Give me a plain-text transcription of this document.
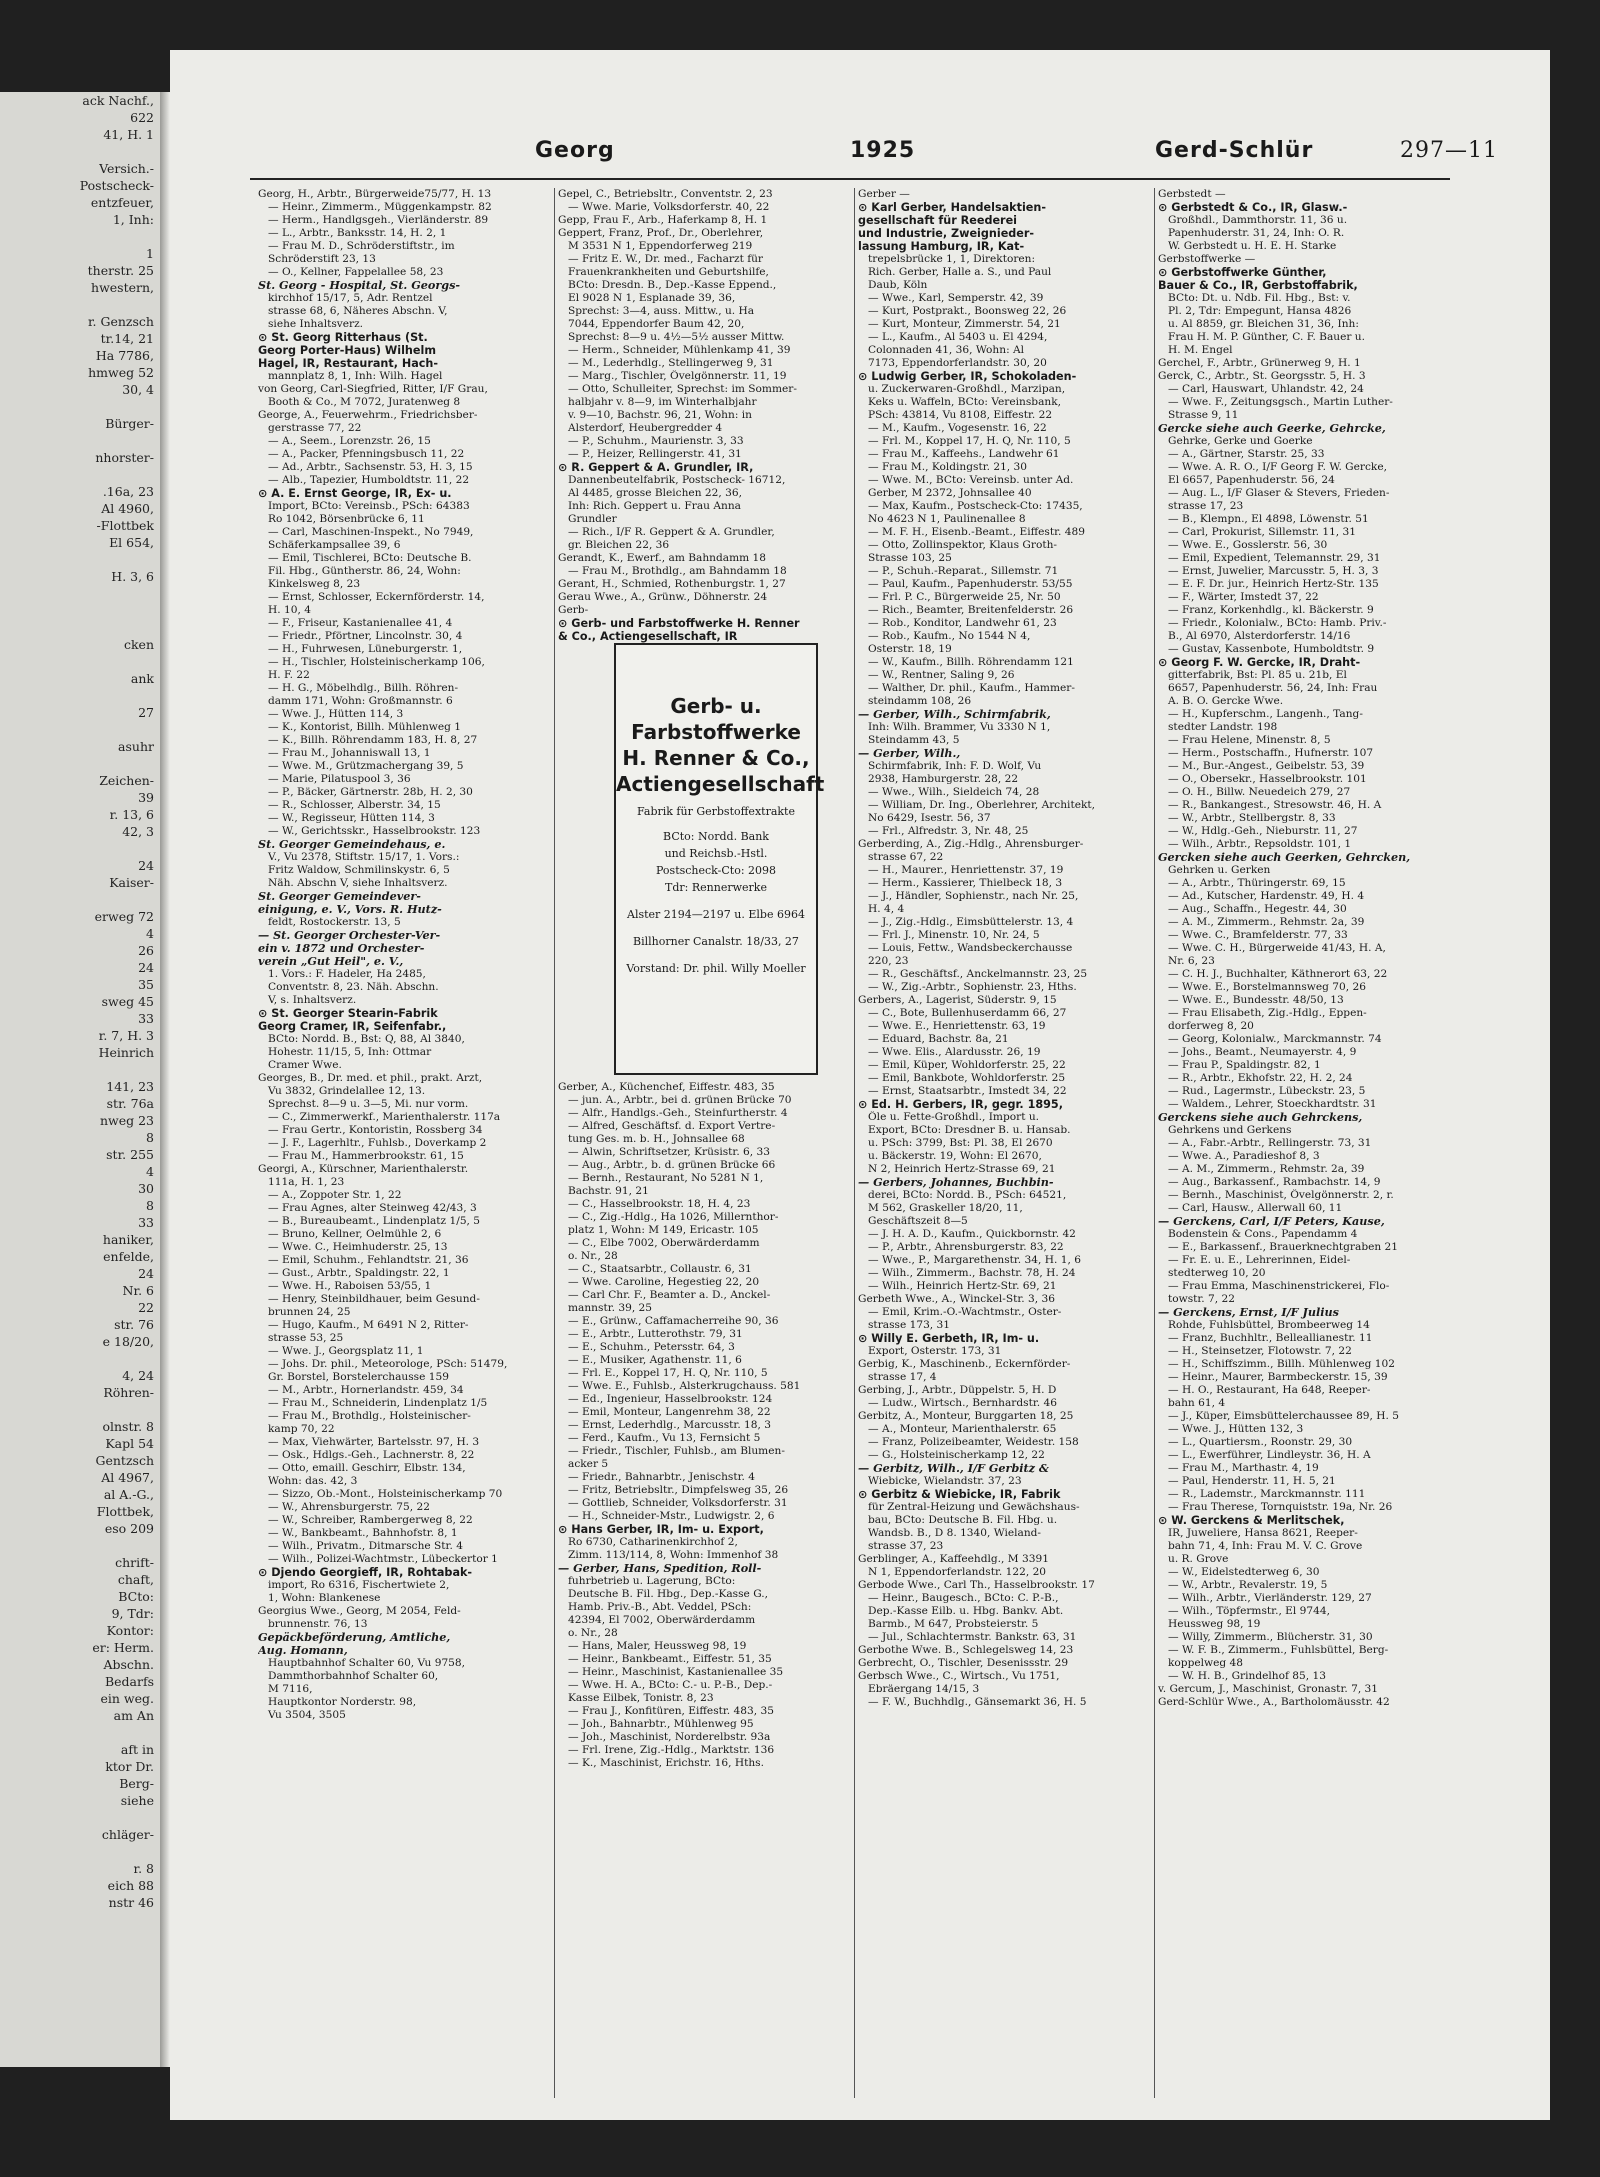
ack Nachf.,
622
41, H. 1

Versich.-
Postscheck-
entzfeuer,
1, Inh:

1
therstr. 25
hwestern,

r. Genzsch
tr.14, 21
Ha 7786,
hmweg 52
30, 4

Bürger-

nhorster-

.16a, 23
Al 4960,
-Flottbek
El 654,

H. 3, 6

cken

ank

27

asuhr

Zeichen-
39
r. 13, 6
42, 3

24
Kaiser-

erweg 72
4
26
24
35
sweg 45
33
r. 7, H. 3
Heinrich

141, 23
str. 76a
nweg 23
8
str. 255
4
30
8
33
haniker,
enfelde,
24
Nr. 6
22
str. 76
e 18/20,

4, 24
Röhren-

olnstr. 8
Kapl 54
Gentzsch
Al 4967,
al A.-G.,
Flottbek,
eso 209

chrift-
chaft,
BCto:
9, Tdr:
Kontor:
er: Herm.
Abschn.
Bedarfs
ein weg.
am An

aft in
ktor Dr.
Berg-
siehe

chläger-

r. 8
eich 88
nstr 46
Georg	1925	Gerd-Schlür	297—11
Georg, H., Arbtr., Bürgerweide75/77, H. 13
— Heinr., Zimmerm., Müggenkampstr. 82
— Herm., Handlgsgeh., Vierländerstr. 89
— L., Arbtr., Banksstr. 14, H. 2, 1
— Frau M. D., Schröderstiftstr., im
Schröderstift 23, 13
— O., Kellner, Fappelallee 58, 23
St. Georg - Hospital, St. Georgs-
kirchhof 15/17, 5, Adr. Rentzel
strasse 68, 6, Näheres Abschn. V,
siehe Inhaltsverz.
⊙ St. Georg Ritterhaus (St.
Georg Porter-Haus) Wilhelm
Hagel, IR, Restaurant, Hach-
mannplatz 8, 1, Inh: Wilh. Hagel
von Georg, Carl-Siegfried, Ritter, I/F Grau,
Booth & Co., M 7072, Juratenweg 8
George, A., Feuerwehrm., Friedrichsber-
gerstrasse 77, 22
— A., Seem., Lorenzstr. 26, 15
— A., Packer, Pfenningsbusch 11, 22
— Ad., Arbtr., Sachsenstr. 53, H. 3, 15
— Alb., Tapezier, Humboldtstr. 11, 22
⊙ A. E. Ernst George, IR, Ex- u.
Import, BCto: Vereinsb., PSch: 64383
Ro 1042, Börsenbrücke 6, 11
— Carl, Maschinen-Inspekt., No 7949,
Schäferkampsallee 39, 6
— Emil, Tischlerei, BCto: Deutsche B.
Fil. Hbg., Güntherstr. 86, 24, Wohn:
Kinkelsweg 8, 23
— Ernst, Schlosser, Eckernförderstr. 14,
H. 10, 4
— F., Friseur, Kastanienallee 41, 4
— Friedr., Pförtner, Lincolnstr. 30, 4
— H., Fuhrwesen, Lüneburgerstr. 1,
— H., Tischler, Holsteinischerkamp 106,
H. F. 22
— H. G., Möbelhdlg., Billh. Röhren-
damm 171, Wohn: Großmannstr. 6
— Wwe. J., Hütten 114, 3
— K., Kontorist, Billh. Mühlenweg 1
— K., Billh. Röhrendamm 183, H. 8, 27
— Frau M., Johanniswall 13, 1
— Wwe. M., Grützmachergang 39, 5
— Marie, Pilatuspool 3, 36
— P., Bäcker, Gärtnerstr. 28b, H. 2, 30
— R., Schlosser, Alberstr. 34, 15
— W., Regisseur, Hütten 114, 3
— W., Gerichtsskr., Hasselbrookstr. 123
St. Georger Gemeindehaus, e.
V., Vu 2378, Stiftstr. 15/17, 1. Vors.:
Fritz Waldow, Schmilinskystr. 6, 5
Näh. Abschn V, siehe Inhaltsverz.
St. Georger Gemeindever-
einigung, e. V., Vors. R. Hutz-
feldt, Rostockerstr. 13, 5
— St. Georger Orchester-Ver-
ein v. 1872 und Orchester-
verein „Gut Heil", e. V.,
1. Vors.: F. Hadeler, Ha 2485,
Conventstr. 8, 23. Näh. Abschn.
V, s. Inhaltsverz.
⊙ St. Georger Stearin-Fabrik
Georg Cramer, IR, Seifenfabr.,
BCto: Nordd. B., Bst: Q, 88, Al 3840,
Hohestr. 11/15, 5, Inh: Ottmar
Cramer Wwe.
Georges, B., Dr. med. et phil., prakt. Arzt,
Vu 3832, Grindelallee 12, 13.
Sprechst. 8—9 u. 3—5, Mi. nur vorm.
— C., Zimmerwerkf., Marienthalerstr. 117a
— Frau Gertr., Kontoristin, Rossberg 34
— J. F., Lagerhltr., Fuhlsb., Doverkamp 2
— Frau M., Hammerbrookstr. 61, 15
Georgi, A., Kürschner, Marienthalerstr.
111a, H. 1, 23
— A., Zoppoter Str. 1, 22
— Frau Agnes, alter Steinweg 42/43, 3
— B., Bureaubeamt., Lindenplatz 1/5, 5
— Bruno, Kellner, Oelmühle 2, 6
— Wwe. C., Heimhuderstr. 25, 13
— Emil, Schuhm., Fehlandtstr. 21, 36
— Gust., Arbtr., Spaldingstr. 22, 1
— Wwe. H., Raboisen 53/55, 1
— Henry, Steinbildhauer, beim Gesund-
brunnen 24, 25
— Hugo, Kaufm., M 6491 N 2, Ritter-
strasse 53, 25
— Wwe. J., Georgsplatz 11, 1
— Johs. Dr. phil., Meteorologe, PSch: 51479,
Gr. Borstel, Borstelerchausse 159
— M., Arbtr., Hornerlandstr. 459, 34
— Frau M., Schneiderin, Lindenplatz 1/5
— Frau M., Brothdlg., Holsteinischer-
kamp 70, 22
— Max, Viehwärter, Bartelsstr. 97, H. 3
— Osk., Hdlgs.-Geh., Lachnerstr. 8, 22
— Otto, emaill. Geschirr, Elbstr. 134,
Wohn: das. 42, 3
— Sizzo, Ob.-Mont., Holsteinischerkamp 70
— W., Ahrensburgerstr. 75, 22
— W., Schreiber, Rambergerweg 8, 22
— W., Bankbeamt., Bahnhofstr. 8, 1
— Wilh., Privatm., Ditmarsche Str. 4
— Wilh., Polizei-Wachtmstr., Lübeckertor 1
⊙ Djendo Georgieff, IR, Rohtabak-
import, Ro 6316, Fischertwiete 2,
1, Wohn: Blankenese
Georgius Wwe., Georg, M 2054, Feld-
brunnenstr. 76, 13
Gepäckbeförderung, Amtliche,
Aug. Homann,
Hauptbahnhof Schalter 60, Vu 9758,
Dammthorbahnhof Schalter 60,
M 7116,
Hauptkontor Norderstr. 98,
Vu 3504, 3505
Gepel, C., Betriebsltr., Conventstr. 2, 23
— Wwe. Marie, Volksdorferstr. 40, 22
Gepp, Frau F., Arb., Haferkamp 8, H. 1
Geppert, Franz, Prof., Dr., Oberlehrer,
M 3531 N 1, Eppendorferweg 219
— Fritz E. W., Dr. med., Facharzt für
Frauenkrankheiten und Geburtshilfe,
BCto: Dresdn. B., Dep.-Kasse Eppend.,
El 9028 N 1, Esplanade 39, 36,
Sprechst: 3—4, auss. Mittw., u. Ha
7044, Eppendorfer Baum 42, 20,
Sprechst: 8—9 u. 4½—5½ ausser Mittw.
— Herm., Schneider, Mühlenkamp 41, 39
— M., Lederhdlg., Stellingerweg 9, 31
— Marg., Tischler, Övelgönnerstr. 11, 19
— Otto, Schulleiter, Sprechst: im Sommer-
halbjahr v. 8—9, im Winterhalbjahr
v. 9—10, Bachstr. 96, 21, Wohn: in
Alsterdorf, Heubergredder 4
— P., Schuhm., Maurienstr. 3, 33
— P., Heizer, Rellingerstr. 41, 31
⊙ R. Geppert & A. Grundler, IR,
Dannenbeutelfabrik, Postscheck- 16712,
Al 4485, grosse Bleichen 22, 36,
Inh: Rich. Geppert u. Frau Anna
Grundler
— Rich., I/F R. Geppert & A. Grundler,
gr. Bleichen 22, 36
Gerandt, K., Ewerf., am Bahndamm 18
— Frau M., Brothdlg., am Bahndamm 18
Gerant, H., Schmied, Rothenburgstr. 1, 27
Gerau Wwe., A., Grünw., Döhnerstr. 24
Gerb-
⊙ Gerb- und Farbstoffwerke H. Renner
& Co., Actiengesellschaft, IR
Gerb- u. Farbstoffwerke
H. Renner & Co.,
Actiengesellschaft
Fabrik für Gerbstoffextrakte
BCto: Nordd. Bank
und Reichsb.-Hstl.
Postscheck-Cto: 2098
Tdr: Rennerwerke
Alster 2194—2197 u. Elbe 6964
Billhorner Canalstr. 18/33, 27
Vorstand: Dr. phil. Willy Moeller
Gerber, A., Küchenchef, Eiffestr. 483, 35
— jun. A., Arbtr., bei d. grünen Brücke 70
— Alfr., Handlgs.-Geh., Steinfurtherstr. 4
— Alfred, Geschäftsf. d. Export Vertre-
tung Ges. m. b. H., Johnsallee 68
— Alwin, Schriftsetzer, Krüsistr. 6, 33
— Aug., Arbtr., b. d. grünen Brücke 66
— Bernh., Restaurant, No 5281 N 1,
Bachstr. 91, 21
— C., Hasselbrookstr. 18, H. 4, 23
— C., Zig.-Hdlg., Ha 1026, Millernthor-
platz 1, Wohn: M 149, Ericastr. 105
— C., Elbe 7002, Oberwärderdamm
o. Nr., 28
— C., Staatsarbtr., Collaustr. 6, 31
— Wwe. Caroline, Hegestieg 22, 20
— Carl Chr. F., Beamter a. D., Anckel-
mannstr. 39, 25
— E., Grünw., Caffamacherreihe 90, 36
— E., Arbtr., Lutterothstr. 79, 31
— E., Schuhm., Petersstr. 64, 3
— E., Musiker, Agathenstr. 11, 6
— Frl. E., Koppel 17, H. Q, Nr. 110, 5
— Wwe. E., Fuhlsb., Alsterkrugchauss. 581
— Ed., Ingenieur, Hasselbrookstr. 124
— Emil, Monteur, Langenrehm 38, 22
— Ernst, Lederhdlg., Marcusstr. 18, 3
— Ferd., Kaufm., Vu 13, Fernsicht 5
— Friedr., Tischler, Fuhlsb., am Blumen-
acker 5
— Friedr., Bahnarbtr., Jenischstr. 4
— Fritz, Betriebsltr., Dimpfelsweg 35, 26
— Gottlieb, Schneider, Volksdorferstr. 31
— H., Schneider-Mstr., Ludwigstr. 2, 6
⊙ Hans Gerber, IR, Im- u. Export,
Ro 6730, Catharinenkirchhof 2,
Zimm. 113/114, 8, Wohn: Immenhof 38
— Gerber, Hans, Spedition, Roll-
fuhrbetrieb u. Lagerung, BCto:
Deutsche B. Fil. Hbg., Dep.-Kasse G.,
Hamb. Priv.-B., Abt. Veddel, PSch:
42394, El 7002, Oberwärderdamm
o. Nr., 28
— Hans, Maler, Heussweg 98, 19
— Heinr., Bankbeamt., Eiffestr. 51, 35
— Heinr., Maschinist, Kastanienallee 35
— Wwe. H. A., BCto: C.- u. P.-B., Dep.-
Kasse Eilbek, Tonistr. 8, 23
— Frau J., Konfitüren, Eiffestr. 483, 35
— Joh., Bahnarbtr., Mühlenweg 95
— Joh., Maschinist, Norderelbstr. 93a
— Frl. Irene, Zig.-Hdlg., Marktstr. 136
— K., Maschinist, Erichstr. 16, Hths.
Gerber —
⊙ Karl Gerber, Handelsaktien-
gesellschaft für Reederei
und Industrie, Zweignieder-
lassung Hamburg, IR, Kat-
trepelsbrücke 1, 1, Direktoren:
Rich. Gerber, Halle a. S., und Paul
Daub, Köln
— Wwe., Karl, Semperstr. 42, 39
— Kurt, Postprakt., Boonsweg 22, 26
— Kurt, Monteur, Zimmerstr. 54, 21
— L., Kaufm., Al 5403 u. El 4294,
Colonnaden 41, 36, Wohn: Al
7173, Eppendorferlandstr. 30, 20
⊙ Ludwig Gerber, IR, Schokoladen-
u. Zuckerwaren-Großhdl., Marzipan,
Keks u. Waffeln, BCto: Vereinsbank,
PSch: 43814, Vu 8108, Eiffestr. 22
— M., Kaufm., Vogesenstr. 16, 22
— Frl. M., Koppel 17, H. Q, Nr. 110, 5
— Frau M., Kaffeehs., Landwehr 61
— Frau M., Koldingstr. 21, 30
— Wwe. M., BCto: Vereinsb. unter Ad.
Gerber, M 2372, Johnsallee 40
— Max, Kaufm., Postscheck-Cto: 17435,
No 4623 N 1, Paulinenallee 8
— M. F. H., Eisenb.-Beamt., Eiffestr. 489
— Otto, Zollinspektor, Klaus Groth-
Strasse 103, 25
— P., Schuh.-Reparat., Sillemstr. 71
— Paul, Kaufm., Papenhuderstr. 53/55
— Frl. P. C., Bürgerweide 25, Nr. 50
— Rich., Beamter, Breitenfelderstr. 26
— Rob., Konditor, Landwehr 61, 23
— Rob., Kaufm., No 1544 N 4,
Osterstr. 18, 19
— W., Kaufm., Billh. Röhrendamm 121
— W., Rentner, Saling 9, 26
— Walther, Dr. phil., Kaufm., Hammer-
steindamm 108, 26
— Gerber, Wilh., Schirmfabrik,
Inh: Wilh. Brammer, Vu 3330 N 1,
Steindamm 43, 5
— Gerber, Wilh.,
Schirmfabrik, Inh: F. D. Wolf, Vu
2938, Hamburgerstr. 28, 22
— Wwe., Wilh., Sieldeich 74, 28
— William, Dr. Ing., Oberlehrer, Architekt,
No 6429, Isestr. 56, 37
— Frl., Alfredstr. 3, Nr. 48, 25
Gerberding, A., Zig.-Hdlg., Ahrensburger-
strasse 67, 22
— H., Maurer., Henriettenstr. 37, 19
— Herm., Kassierer, Thielbeck 18, 3
— J., Händler, Sophienstr., nach Nr. 25,
H. 4, 4
— J., Zig.-Hdlg., Eimsbüttelerstr. 13, 4
— Frl. J., Minenstr. 10, Nr. 24, 5
— Louis, Fettw., Wandsbeckerchausse
220, 23
— R., Geschäftsf., Anckelmannstr. 23, 25
— W., Zig.-Arbtr., Sophienstr. 23, Hths.
Gerbers, A., Lagerist, Süderstr. 9, 15
— C., Bote, Bullenhuserdamm 66, 27
— Wwe. E., Henriettenstr. 63, 19
— Eduard, Bachstr. 8a, 21
— Wwe. Elis., Alardusstr. 26, 19
— Emil, Küper, Wohldorferstr. 25, 22
— Emil, Bankbote, Wohldorferstr. 25
— Ernst, Staatsarbtr., Imstedt 34, 22
⊙ Ed. H. Gerbers, IR, gegr. 1895,
Öle u. Fette-Großhdl., Import u.
Export, BCto: Dresdner B. u. Hansab.
u. PSch: 3799, Bst: Pl. 38, El 2670
u. Bäckerstr. 19, Wohn: El 2670,
N 2, Heinrich Hertz-Strasse 69, 21
— Gerbers, Johannes, Buchbin-
derei, BCto: Nordd. B., PSch: 64521,
M 562, Graskeller 18/20, 11,
Geschäftszeit 8—5
— J. H. A. D., Kaufm., Quickbornstr. 42
— P., Arbtr., Ahrensburgerstr. 83, 22
— Wwe., P., Margarethenstr. 34, H. 1, 6
— Wilh., Zimmerm., Bachstr. 78, H. 24
— Wilh., Heinrich Hertz-Str. 69, 21
Gerbeth Wwe., A., Winckel-Str. 3, 36
— Emil, Krim.-O.-Wachtmstr., Oster-
strasse 173, 31
⊙ Willy E. Gerbeth, IR, Im- u.
Export, Osterstr. 173, 31
Gerbig, K., Maschinenb., Eckernförder-
strasse 17, 4
Gerbing, J., Arbtr., Düppelstr. 5, H. D
— Ludw., Wirtsch., Bernhardstr. 46
Gerbitz, A., Monteur, Burggarten 18, 25
— A., Monteur, Marienthalerstr. 65
— Franz, Polizeibeamter, Weidestr. 158
— G., Holsteinischerkamp 12, 22
— Gerbitz, Wilh., I/F Gerbitz &
Wiebicke, Wielandstr. 37, 23
⊙ Gerbitz & Wiebicke, IR, Fabrik
für Zentral-Heizung und Gewächshaus-
bau, BCto: Deutsche B. Fil. Hbg. u.
Wandsb. B., D 8. 1340, Wieland-
strasse 37, 23
Gerblinger, A., Kaffeehdlg., M 3391
N 1, Eppendorferlandstr. 122, 20
Gerbode Wwe., Carl Th., Hasselbrookstr. 17
— Heinr., Baugesch., BCto: C. P.-B.,
Dep.-Kasse Eilb. u. Hbg. Bankv. Abt.
Barmb., M 647, Probsteierstr. 5
— Jul., Schlachtermstr. Bankstr. 63, 31
Gerbothe Wwe. B., Schlegelsweg 14, 23
Gerbrecht, O., Tischler, Desenissstr. 29
Gerbsch Wwe., C., Wirtsch., Vu 1751,
Ebräergang 14/15, 3
— F. W., Buchhdlg., Gänsemarkt 36, H. 5
Gerbstedt —
⊙ Gerbstedt & Co., IR, Glasw.-
Großhdl., Dammthorstr. 11, 36 u.
Papenhuderstr. 31, 24, Inh: O. R.
W. Gerbstedt u. H. E. H. Starke
Gerbstoffwerke —
⊙ Gerbstoffwerke Günther,
Bauer & Co., IR, Gerbstoffabrik,
BCto: Dt. u. Ndb. Fil. Hbg., Bst: v.
Pl. 2, Tdr: Empegunt, Hansa 4826
u. Al 8859, gr. Bleichen 31, 36, Inh:
Frau H. M. P. Günther, C. F. Bauer u.
H. M. Engel
Gerchel, F., Arbtr., Grünerweg 9, H. 1
Gerck, C., Arbtr., St. Georgsstr. 5, H. 3
— Carl, Hauswart, Uhlandstr. 42, 24
— Wwe. F., Zeitungsgsch., Martin Luther-
Strasse 9, 11
Gercke siehe auch Geerke, Gehrcke,
Gehrke, Gerke und Goerke
— A., Gärtner, Starstr. 25, 33
— Wwe. A. R. O., I/F Georg F. W. Gercke,
El 6657, Papenhuderstr. 56, 24
— Aug. L., I/F Glaser & Stevers, Frieden-
strasse 17, 23
— B., Klempn., El 4898, Löwenstr. 51
— Carl, Prokurist, Sillemstr. 11, 31
— Wwe. E., Gosslerstr. 56, 30
— Emil, Expedient, Telemannstr. 29, 31
— Ernst, Juwelier, Marcusstr. 5, H. 3, 3
— E. F. Dr. jur., Heinrich Hertz-Str. 135
— F., Wärter, Imstedt 37, 22
— Franz, Korkenhdlg., kl. Bäckerstr. 9
— Friedr., Kolonialw., BCto: Hamb. Priv.-
B., Al 6970, Alsterdorferstr. 14/16
— Gustav, Kassenbote, Humboldtstr. 9
⊙ Georg F. W. Gercke, IR, Draht-
gitterfabrik, Bst: Pl. 85 u. 21b, El
6657, Papenhuderstr. 56, 24, Inh: Frau
A. B. O. Gercke Wwe.
— H., Kupferschm., Langenh., Tang-
stedter Landstr. 198
— Frau Helene, Minenstr. 8, 5
— Herm., Postschaffn., Hufnerstr. 107
— M., Bur.-Angest., Geibelstr. 53, 39
— O., Obersekr., Hasselbrookstr. 101
— O. H., Billw. Neuedeich 279, 27
— R., Bankangest., Stresowstr. 46, H. A
— W., Arbtr., Stellbergstr. 8, 33
— W., Hdlg.-Geh., Nieburstr. 11, 27
— Wilh., Arbtr., Repsoldstr. 101, 1
Gercken siehe auch Geerken, Gehrcken,
Gehrken u. Gerken
— A., Arbtr., Thüringerstr. 69, 15
— Ad., Kutscher, Hardenstr. 49, H. 4
— Aug., Schaffn., Hegestr. 44, 30
— A. M., Zimmerm., Rehmstr. 2a, 39
— Wwe. C., Bramfelderstr. 77, 33
— Wwe. C. H., Bürgerweide 41/43, H. A,
Nr. 6, 23
— C. H. J., Buchhalter, Käthnerort 63, 22
— Wwe. E., Borstelmannsweg 70, 26
— Wwe. E., Bundesstr. 48/50, 13
— Frau Elisabeth, Zig.-Hdlg., Eppen-
dorferweg 8, 20
— Georg, Kolonialw., Marckmannstr. 74
— Johs., Beamt., Neumayerstr. 4, 9
— Frau P., Spaldingstr. 82, 1
— R., Arbtr., Ekhofstr. 22, H. 2, 24
— Rud., Lagermstr., Lübeckstr. 23, 5
— Waldem., Lehrer, Stoeckhardtstr. 31
Gerckens siehe auch Gehrckens,
Gehrkens und Gerkens
— A., Fabr.-Arbtr., Rellingerstr. 73, 31
— Wwe. A., Paradieshof 8, 3
— A. M., Zimmerm., Rehmstr. 2a, 39
— Aug., Barkassenf., Rambachstr. 14, 9
— Bernh., Maschinist, Övelgönnerstr. 2, r.
— Carl, Hausw., Allerwall 60, 11
— Gerckens, Carl, I/F Peters, Kause,
Bodenstein & Cons., Papendamm 4
— E., Barkassenf., Brauerknechtgraben 21
— Fr. E. u. E., Lehrerinnen, Eidel-
stedterweg 10, 20
— Frau Emma, Maschinenstrickerei, Flo-
towstr. 7, 22
— Gerckens, Ernst, I/F Julius
Rohde, Fuhlsbüttel, Brombeerweg 14
— Franz, Buchhltr., Belleallianestr. 11
— H., Steinsetzer, Flotowstr. 7, 22
— H., Schiffszimm., Billh. Mühlenweg 102
— Heinr., Maurer, Barmbeckerstr. 15, 39
— H. O., Restaurant, Ha 648, Reeper-
bahn 61, 4
— J., Küper, Eimsbüttelerchaussee 89, H. 5
— Wwe. J., Hütten 132, 3
— L., Quartiersm., Roonstr. 29, 30
— L., Ewerführer, Lindleystr. 36, H. A
— Frau M., Marthastr. 4, 19
— Paul, Henderstr. 11, H. 5, 21
— R., Lademstr., Marckmannstr. 111
— Frau Therese, Tornquiststr. 19a, Nr. 26
⊙ W. Gerckens & Merlitschek,
IR, Juweliere, Hansa 8621, Reeper-
bahn 71, 4, Inh: Frau M. V. C. Grove
u. R. Grove
— W., Eidelstedterweg 6, 30
— W., Arbtr., Revalerstr. 19, 5
— Wilh., Arbtr., Vierländerstr. 129, 27
— Wilh., Töpfermstr., El 9744,
Heussweg 98, 19
— Willy, Zimmerm., Blücherstr. 31, 30
— W. F. B., Zimmerm., Fuhlsbüttel, Berg-
koppelweg 48
— W. H. B., Grindelhof 85, 13
v. Gercum, J., Maschinist, Gronastr. 7, 31
Gerd-Schlür Wwe., A., Bartholomäusstr. 42
